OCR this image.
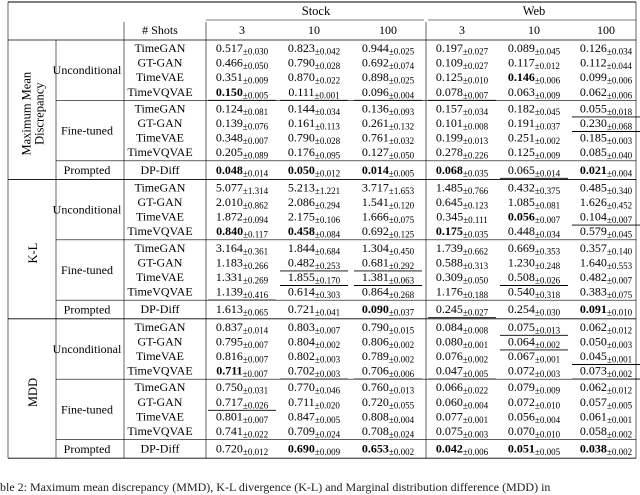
Stock	Web
# Shots	3	10	100	3	10	100
TimeGAN	$0.517_{\pm 0.030}$ $0.823_{\pm 0.042}$ $0.944_{\pm 0.025}$ $0.197_{\pm 0.027}$ $0.089_{\pm 0.045}$ $0.126_{\pm 0.034}$
GT-GAN	$0.466_{\pm 0.050}$ $0.790_{\pm 0.028}$ $0.692_{\pm 0.074}$ $0.109_{\pm 0.027}$ $0.117_{\pm 0.012}$ $0.112_{\pm 0.044}$
TimeVAE	$0.351_{\pm 0.009}$ $0.870_{\pm 0.022}$ $0.898_{\pm 0.025}$ $0.125_{\pm 0.010}$ $0.146_{\pm 0.006}$ $0.099_{\pm 0.006}$
TimeVQVAE $0.150_{\pm 0.005}$ $0.111_{\pm 0.001}$ $0.096_{\pm 0.004}$ $0.078_{\pm 0.007}$ $0.063_{\pm 0.009}$ $0.062_{\pm 0.006}$
Unconditional
TimeGAN	$0.124_{\pm 0.081}$ $0.144_{\pm 0.034}$ $0.136_{\pm 0.093}$ $0.157_{\pm 0.034}$ $0.182_{\pm 0.045}$ $0.055_{\pm 0.018}$
GT-GAN	$0.139_{\pm 0.076}$ $0.161_{\pm 0.113}$ $0.261_{\pm 0.132}$ $0.101_{\pm 0.008}$ $0.191_{\pm 0.037}$ $0.230_{\pm 0.068}$
TimeVAE	$0.348_{\pm 0.007}$ $0.790_{\pm 0.028}$ $0.761_{\pm 0.032}$ $0.199_{\pm 0.013}$ $0.251_{\pm 0.002}$ $0.185_{\pm 0.003}$
TimeVQVAE $0.205_{\pm 0.089}$ $0.176_{\pm 0.095}$ $0.127_{\pm 0.050}$ $0.278_{\pm 0.226}$ $0.125_{\pm 0.009}$ $0.085_{\pm 0.040}$
Fine-tuned
DP-Diff	$0.048_{\pm 0.014}$ $0.050_{\pm 0.012}$ $0.014_{\pm 0.005}$ $0.068_{\pm 0.035}$ $0.065_{\pm 0.014}$ $0.021_{\pm 0.004}$
Prompted
Maximum Mean Discrepancy
TimeGAN	$5.077_{\pm 1.314}$ $5.213_{\pm 1.221}$ $3.717_{\pm 1.653}$ $1.485_{\pm 0.766}$ $0.432_{\pm 0.375}$ $0.485_{\pm 0.340}$
GT-GAN	$2.010_{\pm 0.862}$ $2.086_{\pm 0.294}$ $1.541_{\pm 0.120}$ $0.645_{\pm 0.123}$ $1.085_{\pm 0.081}$ $1.626_{\pm 0.452}$
TimeVAE	$1.872_{\pm 0.094}$ $2.175_{\pm 0.106}$ $1.666_{\pm 0.075}$ $0.345_{\pm 0.111}$ $0.056_{\pm 0.007}$ $0.104_{\pm 0.007}$
TimeVQVAE $0.840_{\pm 0.117}$ $0.458_{\pm 0.084}$ $0.692_{\pm 0.125}$ $0.175_{\pm 0.035}$ $0.448_{\pm 0.034}$ $0.579_{\pm 0.045}$
Unconditional
TimeGAN	$3.164_{\pm 0.361}$ $1.844_{\pm 0.684}$ $1.304_{\pm 0.450}$ $1.739_{\pm 0.662}$ $0.669_{\pm 0.353}$ $0.357_{\pm 0.140}$
GT-GAN	$1.183_{\pm 0.266}$ $0.482_{\pm 0.253}$ $0.681_{\pm 0.292}$ $0.588_{\pm 0.313}$ $1.230_{\pm 0.248}$ $1.640_{\pm 0.553}$
TimeVAE	$1.331_{\pm 0.269}$ $1.855_{\pm 0.170}$ $1.381_{\pm 0.063}$ $0.309_{\pm 0.050}$ $0.508_{\pm 0.026}$ $0.482_{\pm 0.007}$
TimeVQVAE $1.139_{\pm 0.416}$ $0.614_{\pm 0.303}$ $0.864_{\pm 0.268}$ $1.176_{\pm 0.188}$ $0.540_{\pm 0.318}$ $0.383_{\pm 0.075}$
Fine-tuned
DP-Diff	$1.613_{\pm 0.065}$ $0.721_{\pm 0.041}$ $0.090_{\pm 0.037}$ $0.245_{\pm 0.027}$ $0.254_{\pm 0.030}$ $0.091_{\pm 0.010}$
Prompted
K-L
TimeGAN	$0.837_{\pm 0.014}$ $0.803_{\pm 0.007}$ $0.790_{\pm 0.015}$ $0.084_{\pm 0.008}$ $0.075_{\pm 0.013}$ $0.062_{\pm 0.012}$
GT-GAN	$0.795_{\pm 0.007}$ $0.804_{\pm 0.002}$ $0.806_{\pm 0.002}$ $0.080_{\pm 0.001}$ $0.064_{\pm 0.002}$ $0.050_{\pm 0.003}$
TimeVAE	$0.816_{\pm 0.007}$ $0.802_{\pm 0.003}$ $0.789_{\pm 0.002}$ $0.076_{\pm 0.002}$ $0.067_{\pm 0.001}$ $0.045_{\pm 0.001}$
TimeVQVAE $0.711_{\pm 0.007}$ $0.702_{\pm 0.003}$ $0.706_{\pm 0.006}$ $0.047_{\pm 0.005}$ $0.072_{\pm 0.003}$ $0.073_{\pm 0.002}$
Unconditional
TimeGAN	$0.750_{\pm 0.031}$ $0.770_{\pm 0.046}$ $0.760_{\pm 0.013}$ $0.066_{\pm 0.022}$ $0.079_{\pm 0.009}$ $0.062_{\pm 0.012}$
GT-GAN	$0.717_{\pm 0.026}$ $0.711_{\pm 0.020}$ $0.720_{\pm 0.055}$ $0.060_{\pm 0.004}$ $0.072_{\pm 0.010}$ $0.057_{\pm 0.005}$
TimeVAE	$0.801_{\pm 0.007}$ $0.847_{\pm 0.005}$ $0.808_{\pm 0.004}$ $0.077_{\pm 0.001}$ $0.056_{\pm 0.004}$ $0.061_{\pm 0.001}$
TimeVQVAE $0.741_{\pm 0.022}$ $0.709_{\pm 0.024}$ $0.708_{\pm 0.024}$ $0.075_{\pm 0.003}$ $0.070_{\pm 0.010}$ $0.058_{\pm 0.002}$
Fine-tuned
DP-Diff	$0.720_{\pm 0.012}$ $0.690_{\pm 0.009}$ $0.653_{\pm 0.002}$ $0.042_{\pm 0.006}$ $0.051_{\pm 0.005}$ $0.038_{\pm 0.002}$
Prompted
MDD
ble 2: Maximum mean discrepancy (MMD), K-L divergence (K-L) and Marginal distribution difference (MDD) in
